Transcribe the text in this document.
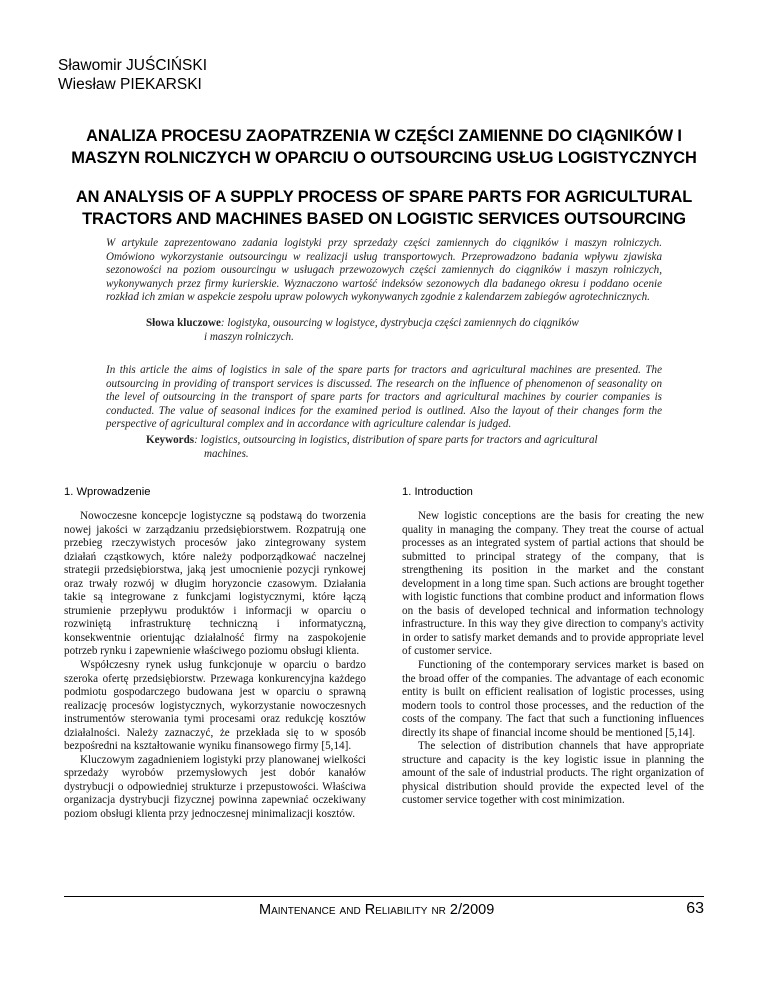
Sławomir JUŚCIŃSKI
Wiesław PIEKARSKI
ANALIZA PROCESU ZAOPATRZENIA W CZĘŚCI ZAMIENNE DO CIĄGNIKÓW I MASZYN ROLNICZYCH W OPARCIU O OUTSOURCING USŁUG LOGISTYCZNYCH
AN ANALYSIS OF A SUPPLY PROCESS OF SPARE PARTS FOR AGRICULTURAL TRACTORS AND MACHINES BASED ON LOGISTIC SERVICES OUTSOURCING
W artykule zaprezentowano zadania logistyki przy sprzedaży części zamiennych do ciągników i maszyn rolniczych. Omówiono wykorzystanie outsourcingu w realizacji usług transportowych. Przeprowadzono badania wpływu zjawiska sezonowości na poziom ousourcingu w usługach przewozowych części zamiennych do ciągników i maszyn rolniczych, wykonywanych przez firmy kurierskie. Wyznaczono wartość indeksów sezonowych dla badanego okresu i poddano ocenie rozkład ich zmian w aspekcie zespołu upraw polowych wykonywanych zgodnie z kalendarzem zabiegów agrotechnicznych.
Słowa kluczowe: logistyka, ousourcing w logistyce, dystrybucja części zamiennych do ciągników
i maszyn rolniczych.
In this article the aims of logistics in sale of the spare parts for tractors and agricultural machines are presented. The outsourcing in providing of transport services is discussed. The research on the influence of phenomenon of seasonality on the level of outsourcing in the transport of spare parts for tractors and agricultural machines by courier companies is conducted. The value of seasonal indices for the examined period is outlined. Also the layout of their changes form the perspective of agricultural complex and in accordance with agriculture calendar is judged.
Keywords: logistics, outsourcing in logistics, distribution of spare parts for tractors and agricultural
machines.
1. Wprowadzenie	1. Introduction

Nowoczesne koncepcje logistyczne są podstawą do tworzenia nowej jakości w zarządzaniu przedsiębiorstwem. Rozpatrują one przebieg rzeczywistych procesów jako zintegrowany system działań cząstkowych, które należy podporządkować naczelnej strategii przedsiębiorstwa, jaką jest umocnienie pozycji rynkowej oraz trwały rozwój w długim horyzoncie czasowym. Działania takie są integrowane z funkcjami logistycznymi, które łączą strumienie przepływu produktów i informacji w oparciu o rozwiniętą infrastrukturę techniczną i informatyczną, konsekwentnie orientując działalność firmy na zaspokojenie potrzeb rynku i zapewnienie właściwego poziomu obsługi klienta.

Współczesny rynek usług funkcjonuje w oparciu o bardzo szeroka ofertę przedsiębiorstw. Przewaga konkurencyjna każdego podmiotu gospodarczego budowana jest w oparciu o sprawną realizację procesów logistycznych, wykorzystanie nowoczesnych instrumentów sterowania tymi procesami oraz redukcję kosztów działalności. Należy zaznaczyć, że przekłada się to w sposób bezpośredni na kształtowanie wyniku finansowego firmy [5,14].

Kluczowym zagadnieniem logistyki przy planowanej wielkości sprzedaży wyrobów przemysłowych jest dobór kanałów dystrybucji o odpowiedniej strukturze i przepustowości. Właściwa organizacja dystrybucji fizycznej powinna zapewniać oczekiwany poziom obsługi klienta przy jednoczesnej minimalizacji kosztów.

New logistic conceptions are the basis for creating the new quality in managing the company. They treat the course of actual processes as an integrated system of partial actions that should be submitted to principal strategy of the company, that is strengthening its position in the market and the constant development in a long time span. Such actions are brought together with logistic functions that combine product and information flows on the basis of developed technical and information technology infrastructure. In this way they give direction to company's activity in order to satisfy market demands and to provide appropriate level of customer service.

Functioning of the contemporary services market is based on the broad offer of the companies. The advantage of each economic entity is built on efficient realisation of logistic processes, using modern tools to control those processes, and the reduction of the costs of the company. The fact that such a functioning influences directly its shape of financial income should be mentioned [5,14].

The selection of distribution channels that have appropriate structure and capacity is the key logistic issue in planning the amount of the sale of industrial products. The right organization of physical distribution should provide the expected level of the customer service together with cost minimization.

Maintenance and Reliability nr 2/2009	63
